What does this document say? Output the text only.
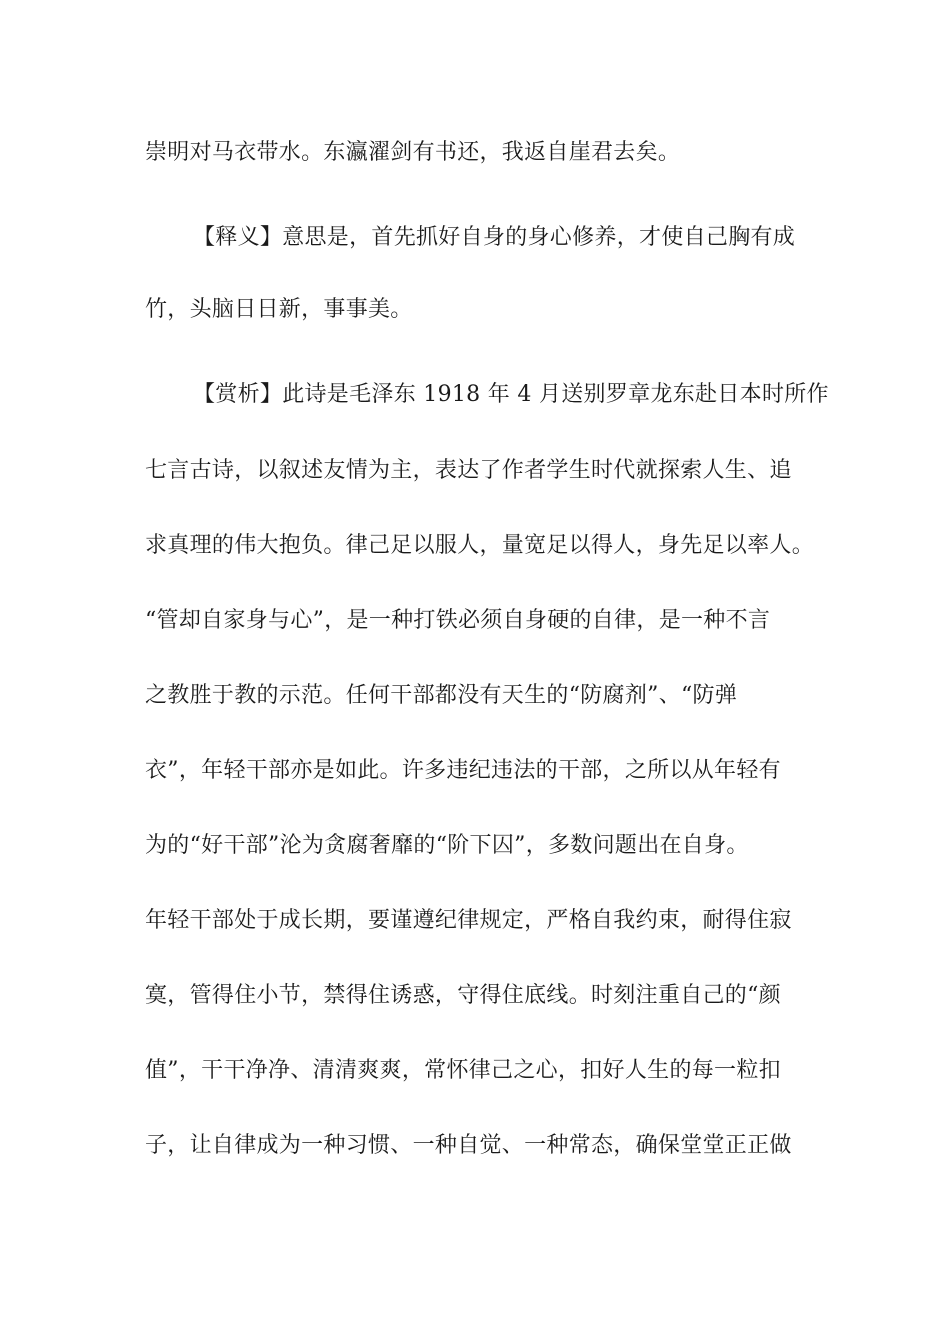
崇明对马衣带水。东瀛濯剑有书还，我返自崖君去矣。
【释义】意思是，首先抓好自身的身心修养，才使自己胸有成
竹，头脑日日新，事事美。
【赏析】此诗是毛泽东 1918 年 4 月送别罗章龙东赴日本时所作
七言古诗，以叙述友情为主，表达了作者学生时代就探索人生、追
求真理的伟大抱负。律己足以服人，量宽足以得人，身先足以率人。
“管却自家身与心”，是一种打铁必须自身硬的自律，是一种不言
之教胜于教的示范。任何干部都没有天生的“防腐剂”、“防弹
衣”，年轻干部亦是如此。许多违纪违法的干部，之所以从年轻有
为的“好干部”沦为贪腐奢靡的“阶下囚”，多数问题出在自身。
年轻干部处于成长期，要谨遵纪律规定，严格自我约束，耐得住寂
寞，管得住小节，禁得住诱惑，守得住底线。时刻注重自己的“颜
值”，干干净净、清清爽爽，常怀律己之心，扣好人生的每一粒扣
子，让自律成为一种习惯、一种自觉、一种常态，确保堂堂正正做
